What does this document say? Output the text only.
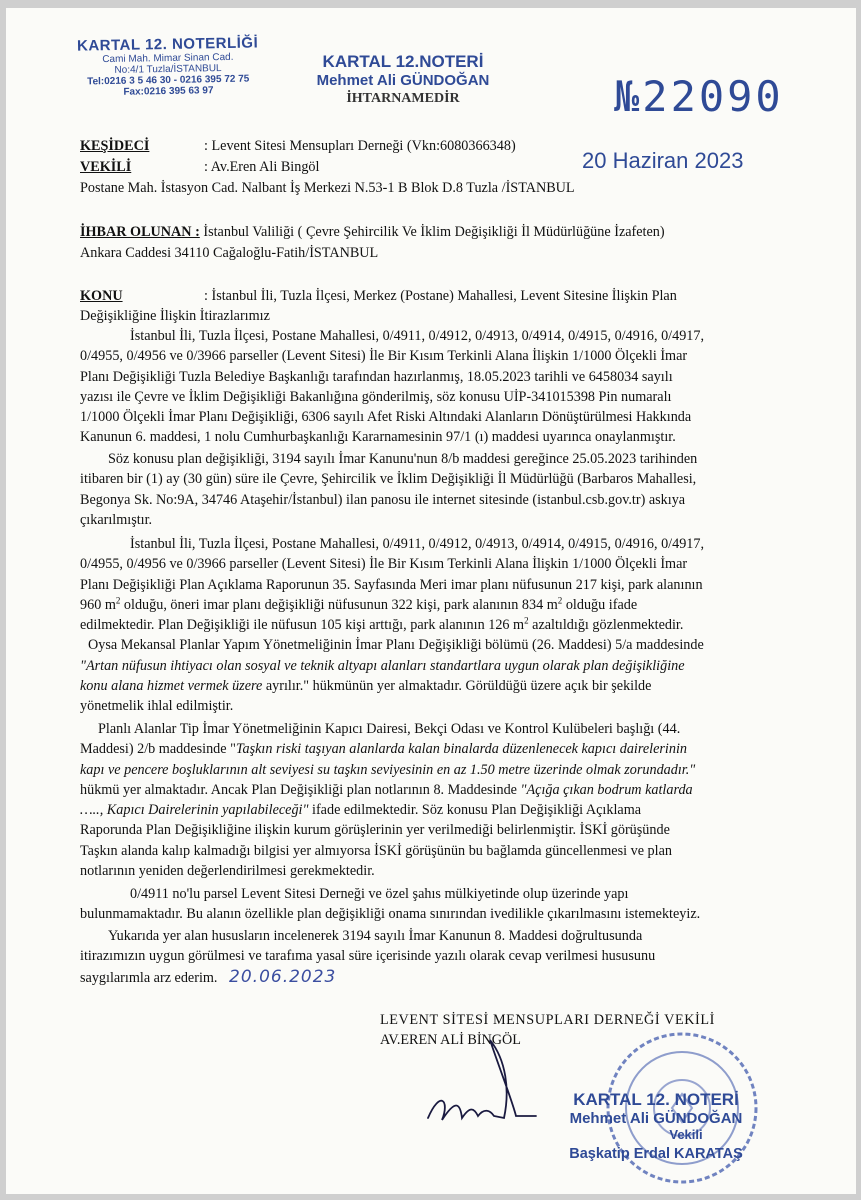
KARTAL 12. NOTERLİĞİ
Cami Mah. Mimar Sinan Cad.
No:4/1 Tuzla/İSTANBUL
Tel:0216 3 5 46 30 - 0216 395 72 75
Fax:0216 395 63 97
KARTAL 12.NOTERİ
Mehmet Ali GÜNDOĞAN
İHTARNAMEDİR	№22090
20 Haziran 2023
KEŞİDECİ	: Levent Sitesi Mensupları Derneği (Vkn:6080366348)
VEKİLİ	: Av.Eren Ali Bingöl
Postane Mah. İstasyon Cad. Nalbant İş Merkezi N.53-1 B Blok D.8 Tuzla /İSTANBUL
İHBAR OLUNAN : İstanbul Valiliği ( Çevre Şehircilik Ve İklim Değişikliği İl Müdürlüğüne İzafeten)
Ankara Caddesi 34110 Cağaloğlu-Fatih/İSTANBUL
KONU	: İstanbul İli, Tuzla İlçesi, Merkez (Postane) Mahallesi, Levent Sitesine İlişkin Plan
Değişikliğine İlişkin İtirazlarımız
İstanbul İli, Tuzla İlçesi, Postane Mahallesi, 0/4911, 0/4912, 0/4913, 0/4914, 0/4915, 0/4916, 0/4917,
0/4955, 0/4956 ve 0/3966 parseller (Levent Sitesi) İle Bir Kısım Terkinli Alana İlişkin 1/1000 Ölçekli İmar
Planı Değişikliği Tuzla Belediye Başkanlığı tarafından hazırlanmış, 18.05.2023 tarihli ve 6458034 sayılı
yazısı ile Çevre ve İklim Değişikliği Bakanlığına gönderilmiş, söz konusu UİP-341015398 Pin numaralı
1/1000 Ölçekli İmar Planı Değişikliği, 6306 sayılı Afet Riski Altındaki Alanların Dönüştürülmesi Hakkında
Kanunun 6. maddesi, 1 nolu Cumhurbaşkanlığı Kararnamesinin 97/1 (ı) maddesi uyarınca onaylanmıştır.
Söz konusu plan değişikliği, 3194 sayılı İmar Kanunu'nun 8/b maddesi gereğince 25.05.2023 tarihinden
itibaren bir (1) ay (30 gün) süre ile Çevre, Şehircilik ve İklim Değişikliği İl Müdürlüğü (Barbaros Mahallesi,
Begonya Sk. No:9A, 34746 Ataşehir/İstanbul) ilan panosu ile internet sitesinde (istanbul.csb.gov.tr) askıya
çıkarılmıştır.
İstanbul İli, Tuzla İlçesi, Postane Mahallesi, 0/4911, 0/4912, 0/4913, 0/4914, 0/4915, 0/4916, 0/4917,
0/4955, 0/4956 ve 0/3966 parseller (Levent Sitesi) İle Bir Kısım Terkinli Alana İlişkin 1/1000 Ölçekli İmar
Planı Değişikliği Plan Açıklama Raporunun 35. Sayfasında Meri imar planı nüfusunun 217 kişi, park alanının
960 $m^2$ olduğu, öneri imar planı değişikliği nüfusunun 322 kişi, park alanının 834 $m^2$ olduğu ifade
edilmektedir. Plan Değişikliği ile nüfusun 105 kişi arttığı, park alanının 126 $m^2$ azaltıldığı gözlenmektedir.
Oysa Mekansal Planlar Yapım Yönetmeliğinin İmar Planı Değişikliği bölümü (26. Maddesi) 5/a maddesinde
"Artan nüfusun ihtiyacı olan sosyal ve teknik altyapı alanları standartlara uygun olarak plan değişikliğine
konu alana hizmet vermek üzere ayrılır." hükmünün yer almaktadır. Görüldüğü üzere açık bir şekilde
yönetmelik ihlal edilmiştir.
Planlı Alanlar Tip İmar Yönetmeliğinin Kapıcı Dairesi, Bekçi Odası ve Kontrol Kulübeleri başlığı (44.
Maddesi) 2/b maddesinde "Taşkın riski taşıyan alanlarda kalan binalarda düzenlenecek kapıcı dairelerinin
kapı ve pencere boşluklarının alt seviyesi su taşkın seviyesinin en az 1.50 metre üzerinde olmak zorundadır."
hükmü yer almaktadır. Ancak Plan Değişikliği plan notlarının 8. Maddesinde "Açığa çıkan bodrum katlarda
….., Kapıcı Dairelerinin yapılabileceği" ifade edilmektedir. Söz konusu Plan Değişikliği Açıklama
Raporunda Plan Değişikliğine ilişkin kurum görüşlerinin yer verilmediği belirlenmiştir. İSKİ görüşünde
Taşkın alanda kalıp kalmadığı bilgisi yer almıyorsa İSKİ görüşünün bu bağlamda güncellenmesi ve plan
notlarının yeniden değerlendirilmesi gerekmektedir.
0/4911 no'lu parsel Levent Sitesi Derneği ve özel şahıs mülkiyetinde olup üzerinde yapı
bulunmamaktadır. Bu alanın özellikle plan değişikliği onama sınırından ivedilikle çıkarılmasını istemekteyiz.
Yukarıda yer alan hususların incelenerek 3194 sayılı İmar Kanunun 8. Maddesi doğrultusunda
itirazımızın uygun görülmesi ve tarafıma yasal süre içerisinde yazılı olarak cevap verilmesi hususunu
saygılarımla arz ederim. 20.06.2023
LEVENT SİTESİ MENSUPLARI DERNEĞİ VEKİLİ
AV.EREN ALİ BİNGÖL
KARTAL 12. NOTERİ
Mehmet Ali GÜNDOĞAN
Vekili
Başkatip Erdal KARATAŞ
